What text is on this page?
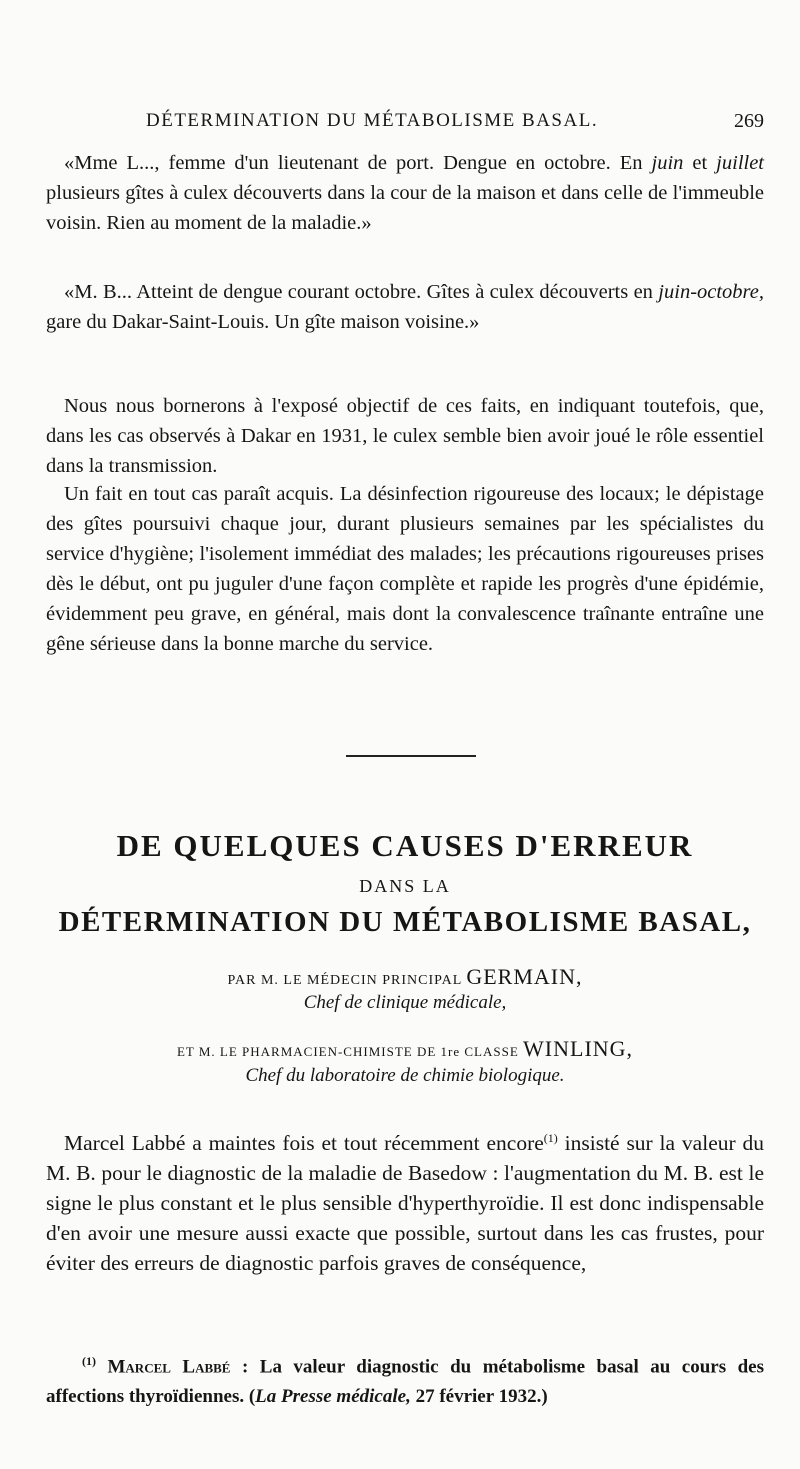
DÉTERMINATION DU MÉTABOLISME BASAL.	269

«Mme L..., femme d'un lieutenant de port. Dengue en octobre. En juin et juillet plusieurs gîtes à culex découverts dans la cour de la maison et dans celle de l'immeuble voisin. Rien au moment de la maladie.»

«M. B... Atteint de dengue courant octobre. Gîtes à culex découverts en juin-octobre, gare du Dakar-Saint-Louis. Un gîte maison voisine.»

Nous nous bornerons à l'exposé objectif de ces faits, en indiquant toutefois, que, dans les cas observés à Dakar en 1931, le culex semble bien avoir joué le rôle essentiel dans la transmission.

Un fait en tout cas paraît acquis. La désinfection rigoureuse des locaux; le dépistage des gîtes poursuivi chaque jour, durant plusieurs semaines par les spécialistes du service d'hygiène; l'isolement immédiat des malades; les précautions rigoureuses prises dès le début, ont pu juguler d'une façon complète et rapide les progrès d'une épidémie, évidemment peu grave, en général, mais dont la convalescence traînante entraîne une gêne sérieuse dans la bonne marche du service.

DE QUELQUES CAUSES D'ERREUR
DANS LA
DÉTERMINATION DU MÉTABOLISME BASAL,
PAR M. LE MÉDECIN PRINCIPAL GERMAIN,
Chef de clinique médicale,
ET M. LE PHARMACIEN-CHIMISTE DE 1re CLASSE WINLING,
Chef du laboratoire de chimie biologique.

Marcel Labbé a maintes fois et tout récemment encore$^{(1)}$ insisté sur la valeur du M. B. pour le diagnostic de la maladie de Basedow : l'augmentation du M. B. est le signe le plus constant et le plus sensible d'hyperthyroïdie. Il est donc indispensable d'en avoir une mesure aussi exacte que possible, surtout dans les cas frustes, pour éviter des erreurs de diagnostic parfois graves de conséquence,

$^{(1)}$ Marcel Labbé : La valeur diagnostic du métabolisme basal au cours des affections thyroïdiennes. (La Presse médicale, 27 février 1932.)
